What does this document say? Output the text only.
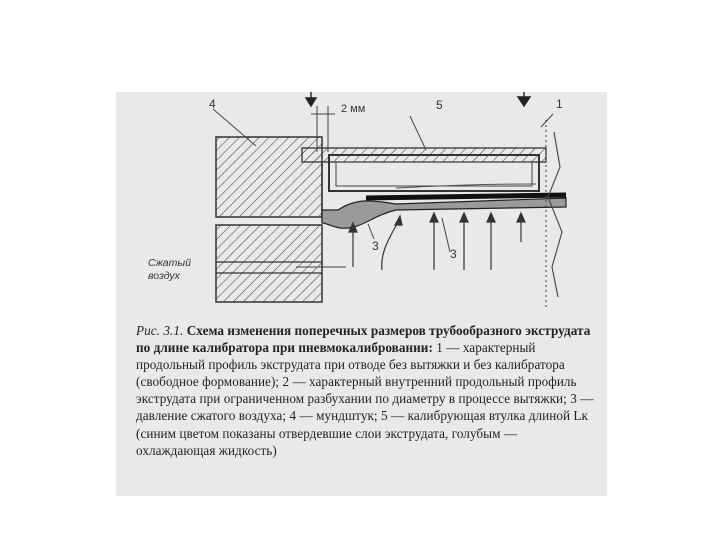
4	2 мм	5	1
3
3
Сжатый
воздух
Рис. 3.1. Схема изменения поперечных размеров трубообразного экструдата по длине калибратора при пневмокалибровании: 1 — характерный продольный профиль экструдата при отводе без вытяжки и без калибратора (свободное формование); 2 — характерный внутренний продольный профиль экструдата при ограниченном разбухании по диаметру в процессе вытяжки; 3 — давление сжатого воздуха; 4 — мундштук; 5 — калибрующая втулка длиной Lк (синим цветом показаны отвердевшие слои экструдата, голубым — охлаждающая жидкость)
